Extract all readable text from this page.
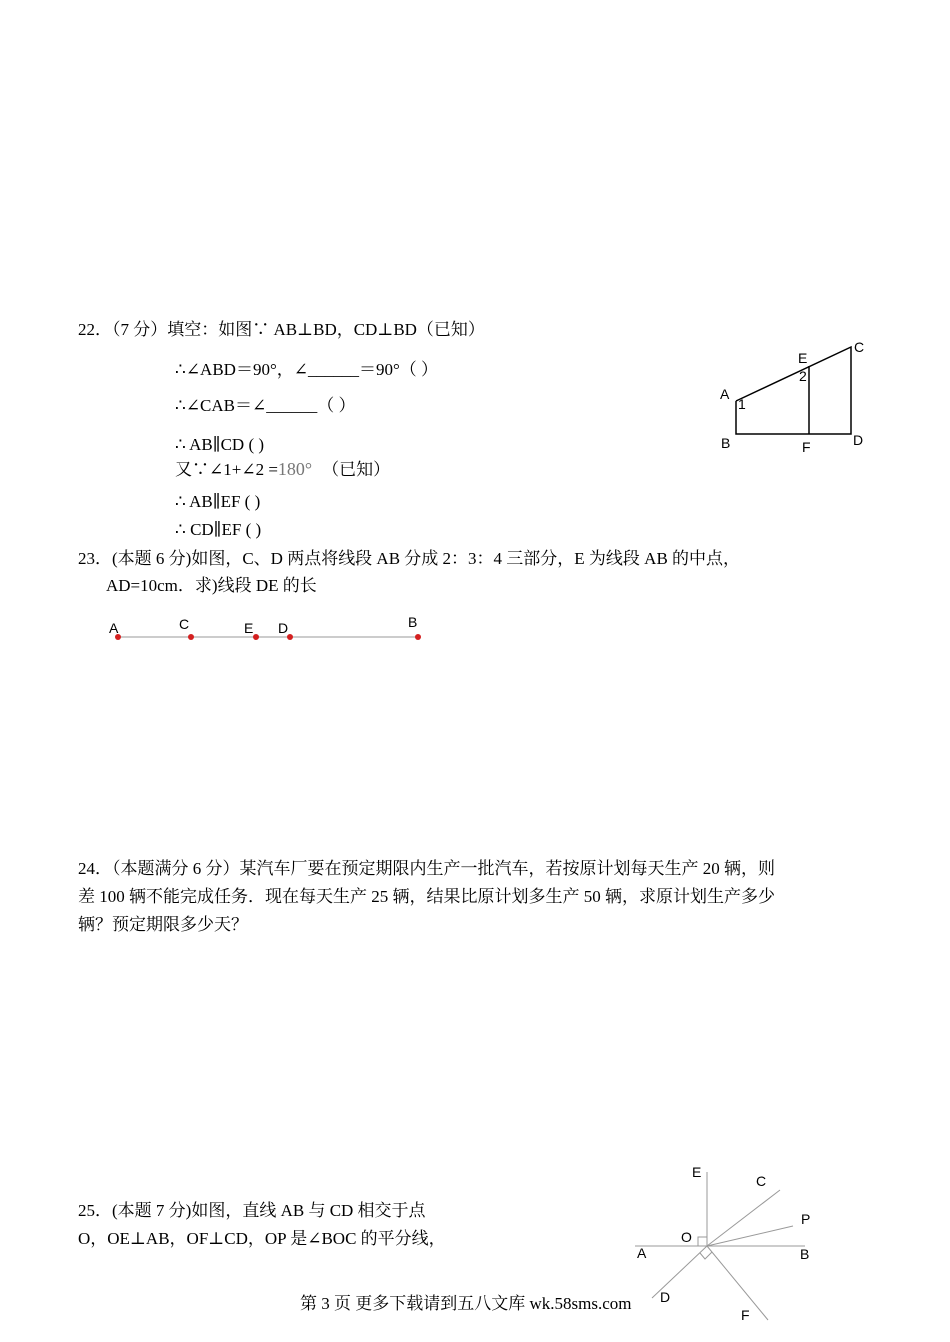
22．（7 分）填空：如图∵ AB⊥BD，CD⊥BD（已知）
∴∠ABD＝90°，∠______＝90°（ ）
∴∠CAB＝∠______（ ）
∴ AB∥CD ( )
又∵∠1+∠2 =180° （已知）
∴ AB∥EF ( )
∴ CD∥EF ( )
A
B
C
D
E
F
1
2
23．(本题 6 分)如图，C、D 两点将线段 AB 分成 2：3：4 三部分，E 为线段 AB 的中点，
AD=10cm．求)线段 DE 的长
A	C	E D	B
24．（本题满分 6 分）某汽车厂要在预定期限内生产一批汽车，若按原计划每天生产 20 辆，则
差 100 辆不能完成任务．现在每天生产 25 辆，结果比原计划多生产 50 辆，求原计划生产多少
辆？预定期限多少天？
25．(本题 7 分)如图，直线 AB 与 CD 相交于点
O，OE⊥AB，OF⊥CD，OP 是∠BOC 的平分线，
E
C
P
O
A	B
D
F
第 3 页 更多下载请到五八文库 wk.58sms.com
